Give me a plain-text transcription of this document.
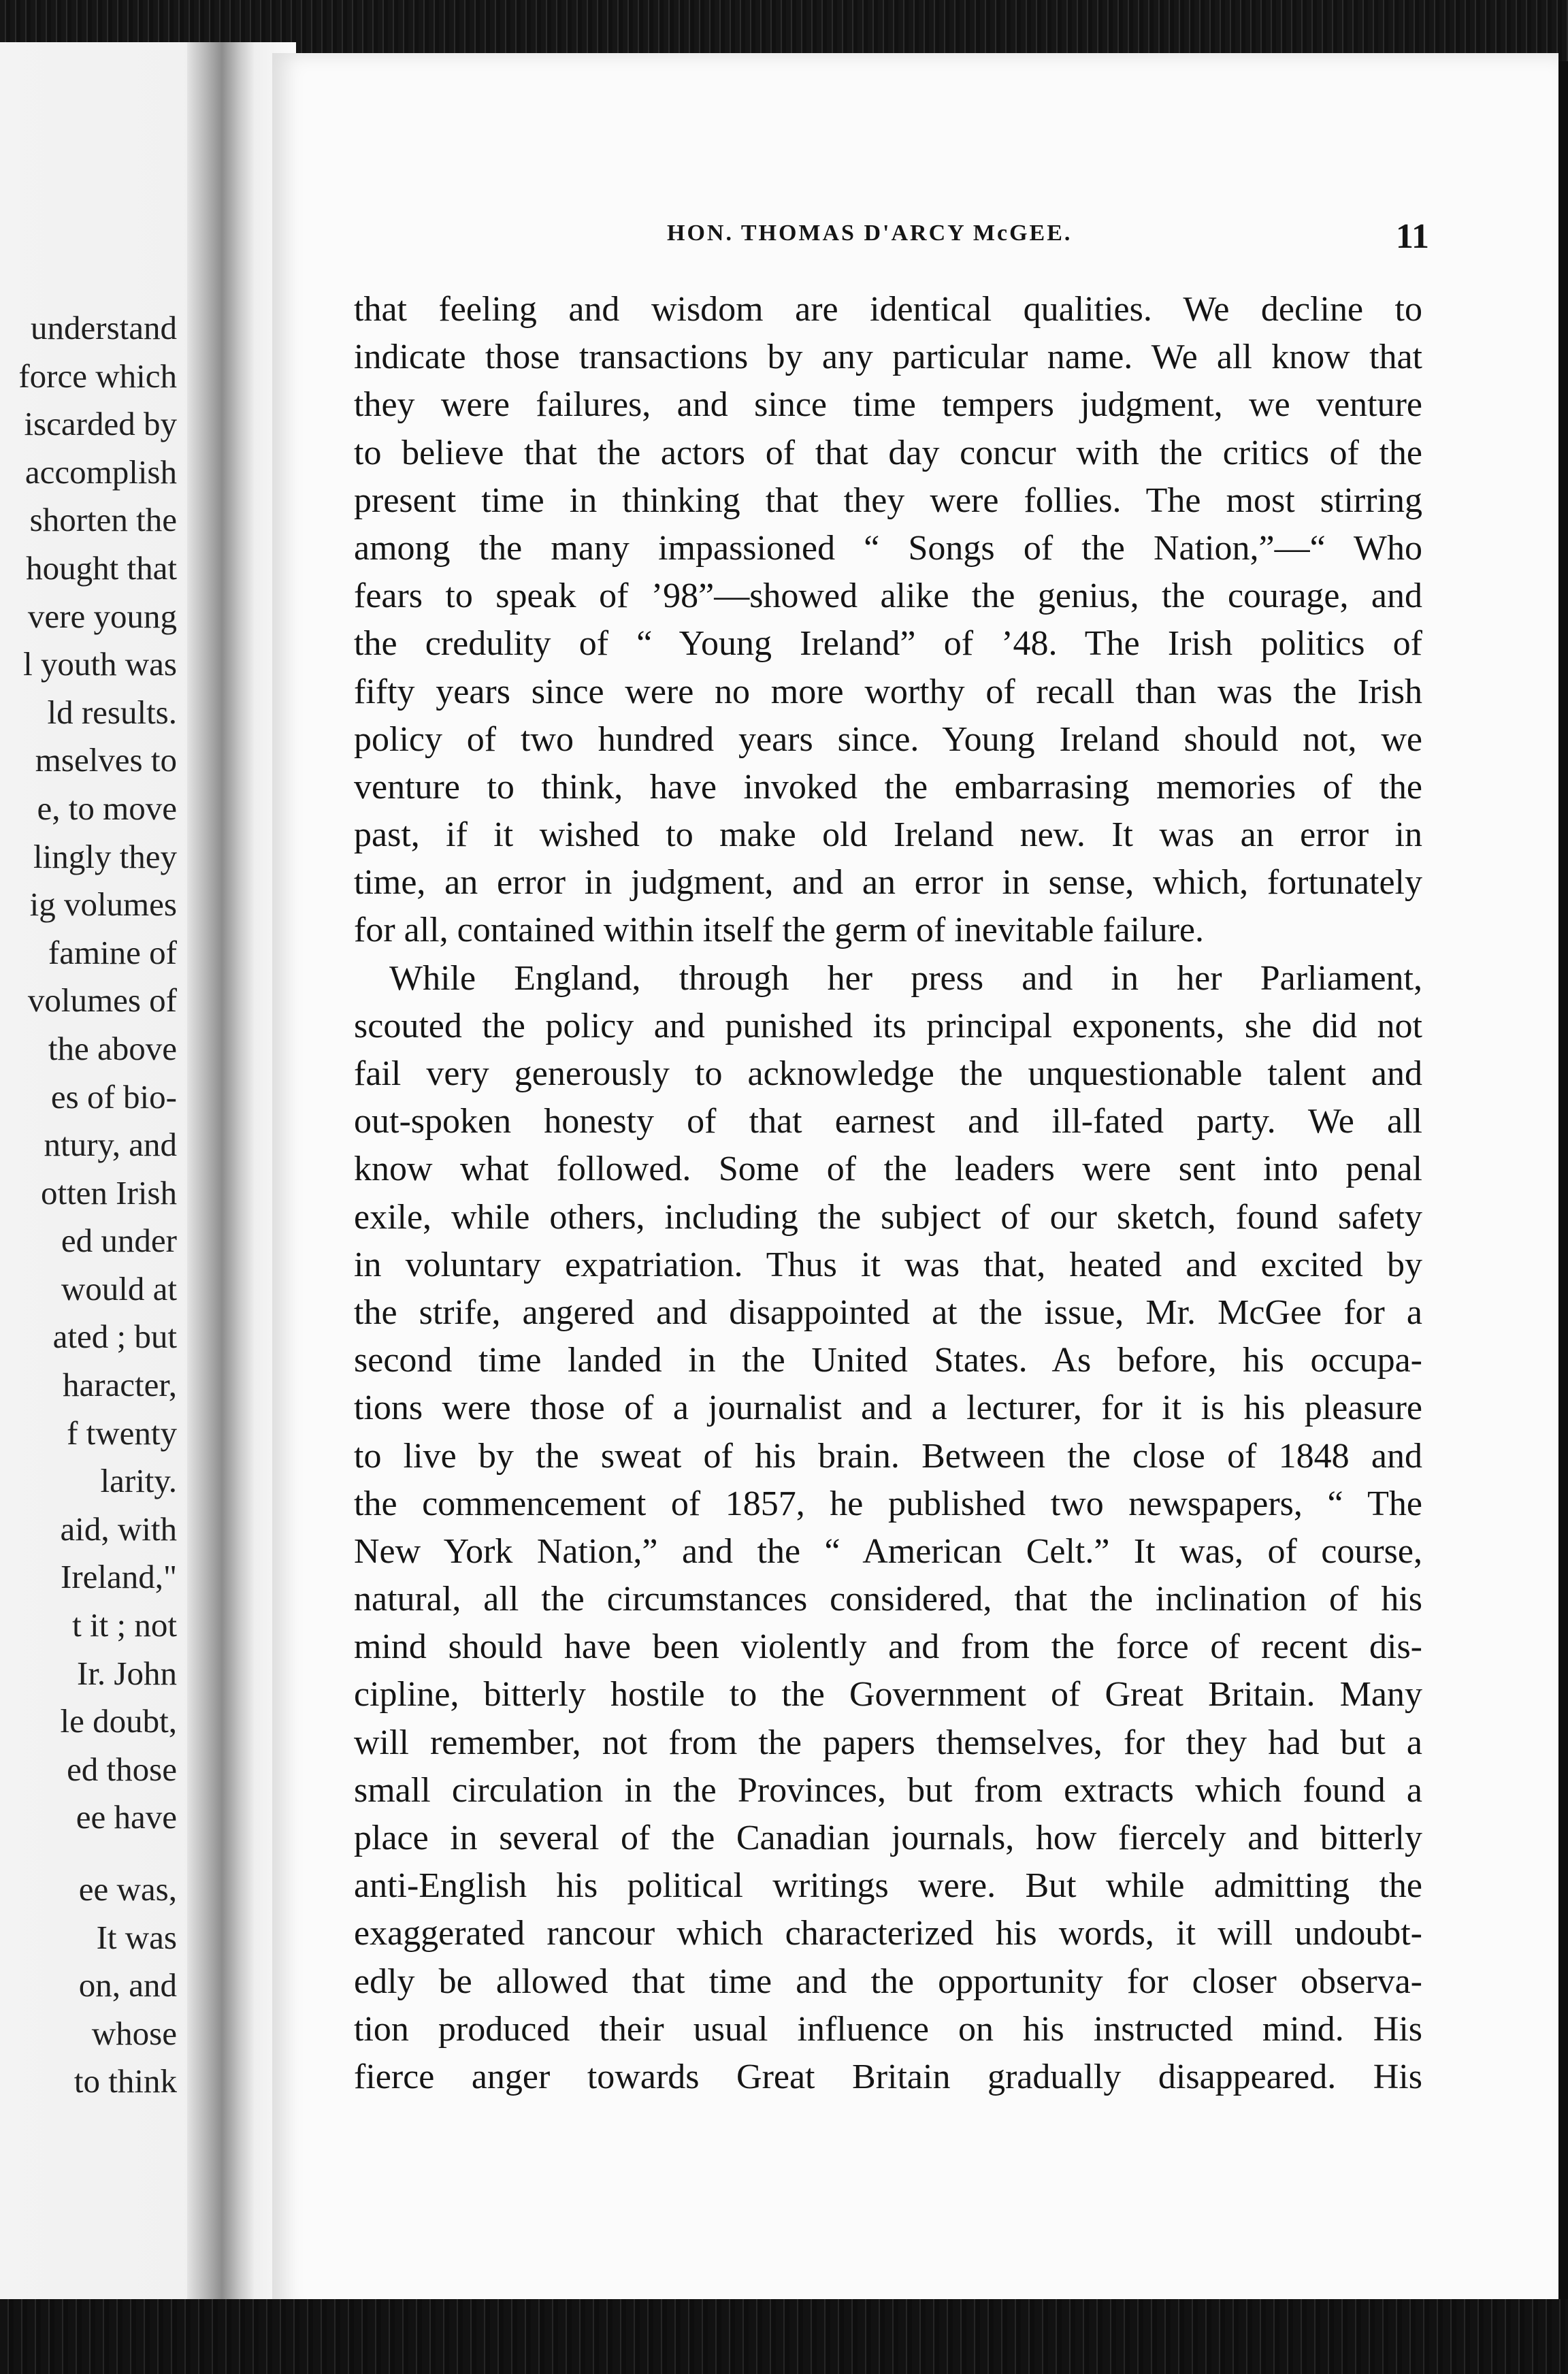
understand
force which
iscarded by
accomplish
shorten the
hought that
vere young
l youth was
ld results.
mselves to
e, to move
lingly they
ig volumes
famine of
volumes of
the above
es of bio-
ntury, and
otten Irish
ed under
would at
ated ; but
haracter,
f twenty
larity.
aid, with
Ireland,"
t it ; not
Ir. John
le doubt,
ed those
ee have
ee was,
It was
on, and
whose
to think
HON. THOMAS D'ARCY McGEE.	11
that feeling and wisdom are identical qualities. We decline to
indicate those transactions by any particular name. We all know that
they were failures, and since time tempers judgment, we venture
to believe that the actors of that day concur with the critics of the
present time in thinking that they were follies. The most stirring
among the many impassioned “ Songs of the Nation,”—“ Who
fears to speak of ’98”—showed alike the genius, the courage, and
the credulity of “ Young Ireland” of ’48. The Irish politics of
fifty years since were no more worthy of recall than was the Irish
policy of two hundred years since. Young Ireland should not, we
venture to think, have invoked the embarrasing memories of the
past, if it wished to make old Ireland new. It was an error in
time, an error in judgment, and an error in sense, which, fortunately
for all, contained within itself the germ of inevitable failure.
While England, through her press and in her Parliament,
scouted the policy and punished its principal exponents, she did not
fail very generously to acknowledge the unquestionable talent and
out-spoken honesty of that earnest and ill-fated party. We all
know what followed. Some of the leaders were sent into penal
exile, while others, including the subject of our sketch, found safety
in voluntary expatriation. Thus it was that, heated and excited by
the strife, angered and disappointed at the issue, Mr. McGee for a
second time landed in the United States. As before, his occupa-
tions were those of a journalist and a lecturer, for it is his pleasure
to live by the sweat of his brain. Between the close of 1848 and
the commencement of 1857, he published two newspapers, “ The
New York Nation,” and the “ American Celt.” It was, of course,
natural, all the circumstances considered, that the inclination of his
mind should have been violently and from the force of recent dis-
cipline, bitterly hostile to the Government of Great Britain. Many
will remember, not from the papers themselves, for they had but a
small circulation in the Provinces, but from extracts which found a
place in several of the Canadian journals, how fiercely and bitterly
anti-English his political writings were. But while admitting the
exaggerated rancour which characterized his words, it will undoubt-
edly be allowed that time and the opportunity for closer observa-
tion produced their usual influence on his instructed mind. His
fierce anger towards Great Britain gradually disappeared. His
